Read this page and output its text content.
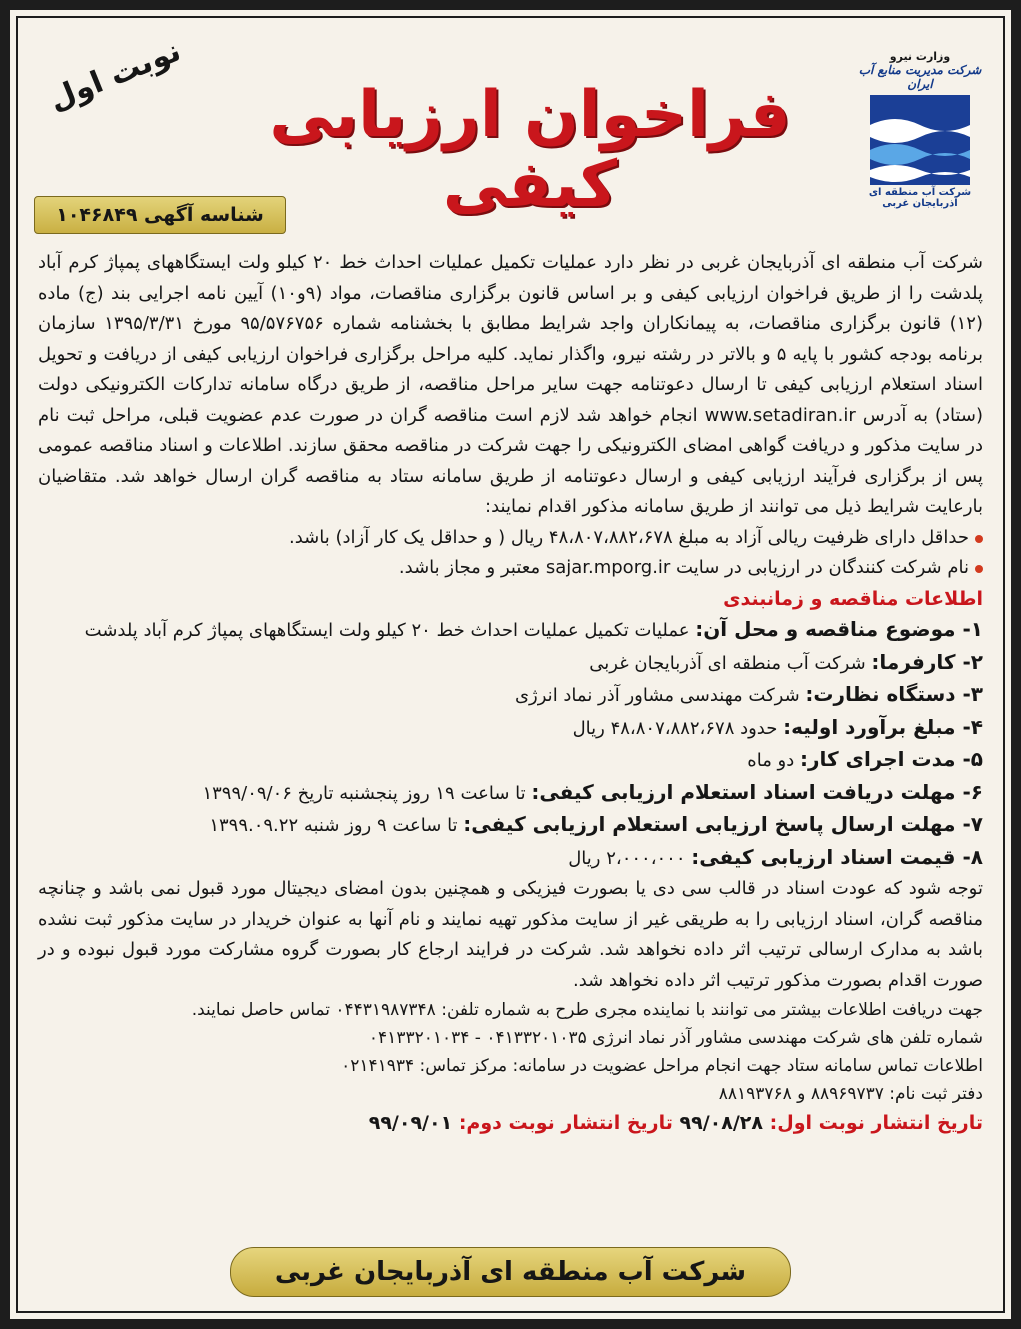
وزارت نیرو
شرکت مدیریت منابع آب ایران
شرکت آب منطقه ای آذربایجان غربی
فراخوان ارزیابی کیفی
نوبت اول
شناسه آگهی ۱۰۴۶۸۴۹

شرکت آب منطقه ای آذربایجان غربی در نظر دارد عملیات تکمیل عملیات احداث خط ۲۰ کیلو ولت ایستگاههای پمپاژ کرم آباد پلدشت را از طریق فراخوان ارزیابی کیفی و بر اساس قانون برگزاری مناقصات، مواد (۹و۱۰) آیین نامه اجرایی بند (ج) ماده (۱۲) قانون برگزاری مناقصات، به پیمانکاران واجد شرایط مطابق با بخشنامه شماره ۹۵/۵۷۶۷۵۶ مورخ ۱۳۹۵/۳/۳۱ سازمان برنامه بودجه کشور با پایه ۵ و بالاتر در رشته نیرو، واگذار نماید. کلیه مراحل برگزاری فراخوان ارزیابی کیفی از دریافت و تحویل اسناد استعلام ارزیابی کیفی تا ارسال دعوتنامه جهت سایر مراحل مناقصه، از طریق درگاه سامانه تدارکات الکترونیکی دولت (ستاد) به آدرس www.setadiran.ir انجام خواهد شد لازم است مناقصه گران در صورت عدم عضویت قبلی، مراحل ثبت نام در سایت مذکور و دریافت گواهی امضای الکترونیکی را جهت شرکت در مناقصه محقق سازند. اطلاعات و اسناد مناقصه عمومی پس از برگزاری فرآیند ارزیابی کیفی و ارسال دعوتنامه از طریق سامانه ستاد به مناقصه گران ارسال خواهد شد. متقاضیان بارعایت شرایط ذیل می توانند از طریق سامانه مذکور اقدام نمایند:

حداقل دارای ظرفیت ریالی آزاد به مبلغ ۴۸،۸۰۷،۸۸۲،۶۷۸ ریال ( و حداقل یک کار آزاد) باشد.

نام شرکت کنندگان در ارزیابی در سایت sajar.mporg.ir معتبر و مجاز باشد.

اطلاعات مناقصه و زمانبندی

۱- موضوع مناقصه و محل آن: عملیات تکمیل عملیات احداث خط ۲۰ کیلو ولت ایستگاههای پمپاژ کرم آباد پلدشت

۲- کارفرما: شرکت آب منطقه ای آذربایجان غربی

۳- دستگاه نظارت: شرکت مهندسی مشاور آذر نماد انرژی

۴- مبلغ برآورد اولیه: حدود ۴۸،۸۰۷،۸۸۲،۶۷۸ ریال

۵- مدت اجرای کار: دو ماه

۶- مهلت دریافت اسناد استعلام ارزیابی کیفی: تا ساعت ۱۹ روز پنجشنبه تاریخ ۱۳۹۹/۰۹/۰۶

۷- مهلت ارسال پاسخ ارزیابی استعلام ارزیابی کیفی: تا ساعت ۹ روز شنبه ۱۳۹۹.۰۹.۲۲

۸- قیمت اسناد ارزیابی کیفی: ۲،۰۰۰،۰۰۰ ریال

توجه شود که عودت اسناد در قالب سی دی یا بصورت فیزیکی و همچنین بدون امضای دیجیتال مورد قبول نمی باشد و چنانچه مناقصه گران، اسناد ارزیابی را به طریقی غیر از سایت مذکور تهیه نمایند و نام آنها به عنوان خریدار در سایت مذکور ثبت نشده باشد به مدارک ارسالی ترتیب اثر داده نخواهد شد. شرکت در فرایند ارجاع کار بصورت گروه مشارکت مورد قبول نبوده و در صورت اقدام بصورت مذکور ترتیب اثر داده نخواهد شد.

جهت دریافت اطلاعات بیشتر می توانند با نماینده مجری طرح به شماره تلفن: ۰۴۴۳۱۹۸۷۳۴۸ تماس حاصل نمایند.

شماره تلفن های شرکت مهندسی مشاور آذر نماد انرژی ۰۴۱۳۳۲۰۱۰۳۵ - ۰۴۱۳۳۲۰۱۰۳۴

اطلاعات تماس سامانه ستاد جهت انجام مراحل عضویت در سامانه: مرکز تماس: ۰۲۱۴۱۹۳۴

دفتر ثبت نام: ۸۸۹۶۹۷۳۷ و ۸۸۱۹۳۷۶۸

تاریخ انتشار نوبت اول: ۹۹/۰۸/۲۸ تاریخ انتشار نوبت دوم: ۹۹/۰۹/۰۱

شرکت آب منطقه ای آذربایجان غربی
